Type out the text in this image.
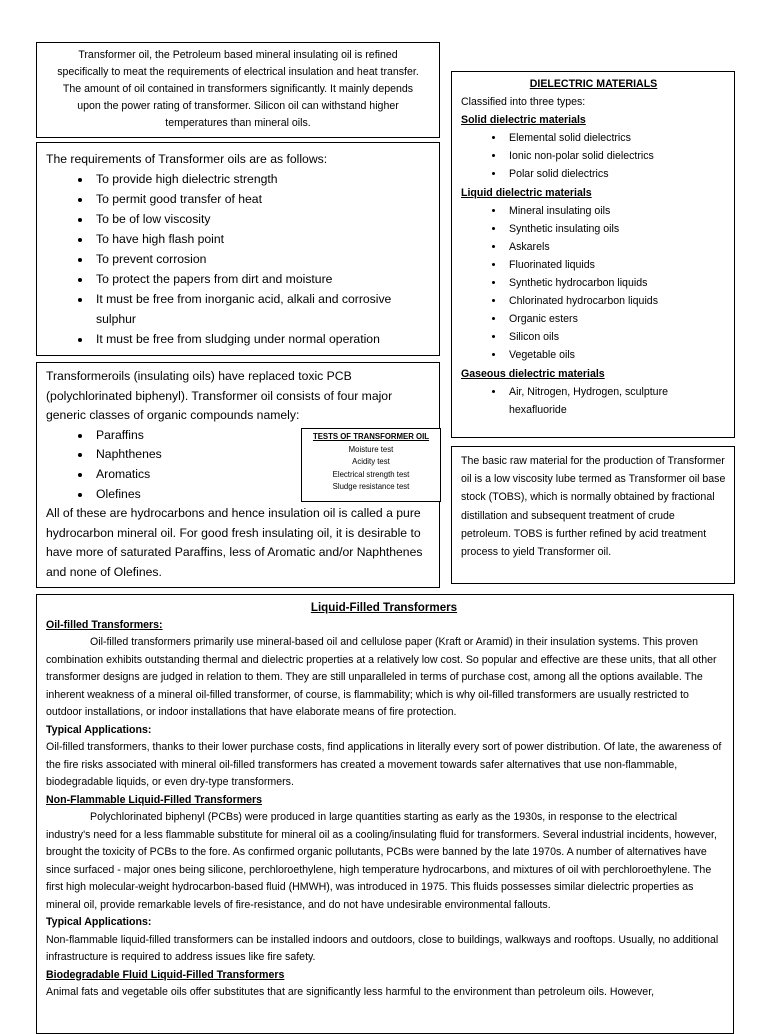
Transformer oil, the Petroleum based mineral insulating oil is refined specifically to meat the requirements of electrical insulation and heat transfer. The amount of oil contained in transformers significantly. It mainly depends upon the power rating of transformer. Silicon oil can withstand higher temperatures than mineral oils.
The requirements of Transformer oils are as follows:
• To provide high dielectric strength
• To permit good transfer of heat
• To be of low viscosity
• To have high flash point
• To prevent corrosion
• To protect the papers from dirt and moisture
• It must be free from inorganic acid, alkali and corrosive sulphur
• It must be free from sludging under normal operation
Transformeroils (insulating oils) have replaced toxic PCB (polychlorinated biphenyl). Transformer oil consists of four major generic classes of organic compounds namely:
• Paraffins
• Naphthenes
• Aromatics
• Olefines
All of these are hydrocarbons and hence insulation oil is called a pure hydrocarbon mineral oil. For good fresh insulating oil, it is desirable to have more of saturated Paraffins, less of Aromatic and/or Naphthenes and none of Olefines.
TESTS OF TRANSFORMER OIL
Moisture test
Acidity test
Electrical strength test
Sludge resistance test
DIELECTRIC MATERIALS
Classified into three types:
Solid dielectric materials
• Elemental solid dielectrics
• Ionic non-polar solid dielectrics
• Polar solid dielectrics
Liquid dielectric materials
• Mineral insulating oils
• Synthetic insulating oils
• Askarels
• Fluorinated liquids
• Synthetic hydrocarbon liquids
• Chlorinated hydrocarbon liquids
• Organic esters
• Silicon oils
• Vegetable oils
Gaseous dielectric materials
• Air, Nitrogen, Hydrogen, sculpture hexafluoride
The basic raw material for the production of Transformer oil is a low viscosity lube termed as Transformer oil base stock (TOBS), which is normally obtained by fractional distillation and subsequent treatment of crude petroleum. TOBS is further refined by acid treatment process to yield Transformer oil.
Liquid-Filled Transformers
Oil-filled Transformers:

Oil-filled transformers primarily use mineral-based oil and cellulose paper (Kraft or Aramid) in their insulation systems. This proven combination exhibits outstanding thermal and dielectric properties at a relatively low cost. So popular and effective are these units, that all other transformer designs are judged in relation to them. They are still unparalleled in terms of purchase cost, among all the options available. The inherent weakness of a mineral oil-filled transformer, of course, is flammability; which is why oil-filled transformers are usually restricted to outdoor installations, or indoor installations that have elaborate means of fire protection.

Typical Applications:

Oil-filled transformers, thanks to their lower purchase costs, find applications in literally every sort of power distribution. Of late, the awareness of the fire risks associated with mineral oil-filled transformers has created a movement towards safer alternatives that use non-flammable, biodegradable liquids, or even dry-type transformers.

Non-Flammable Liquid-Filled Transformers

Polychlorinated biphenyl (PCBs) were produced in large quantities starting as early as the 1930s, in response to the electrical industry's need for a less flammable substitute for mineral oil as a cooling/insulating fluid for transformers. Several industrial incidents, however, brought the toxicity of PCBs to the fore. As confirmed organic pollutants, PCBs were banned by the late 1970s. A number of alternatives have since surfaced - major ones being silicone, perchloroethylene, high temperature hydrocarbons, and mixtures of oil with perchloroethylene. The first high molecular-weight hydrocarbon-based fluid (HMWH), was introduced in 1975. This fluids possesses similar dielectric properties as mineral oil, provide remarkable levels of fire-resistance, and do not have undesirable environmental fallouts.

Typical Applications:

Non-flammable liquid-filled transformers can be installed indoors and outdoors, close to buildings, walkways and rooftops. Usually, no additional infrastructure is required to address issues like fire safety.

Biodegradable Fluid Liquid-Filled Transformers

Animal fats and vegetable oils offer substitutes that are significantly less harmful to the environment than petroleum oils. However,
